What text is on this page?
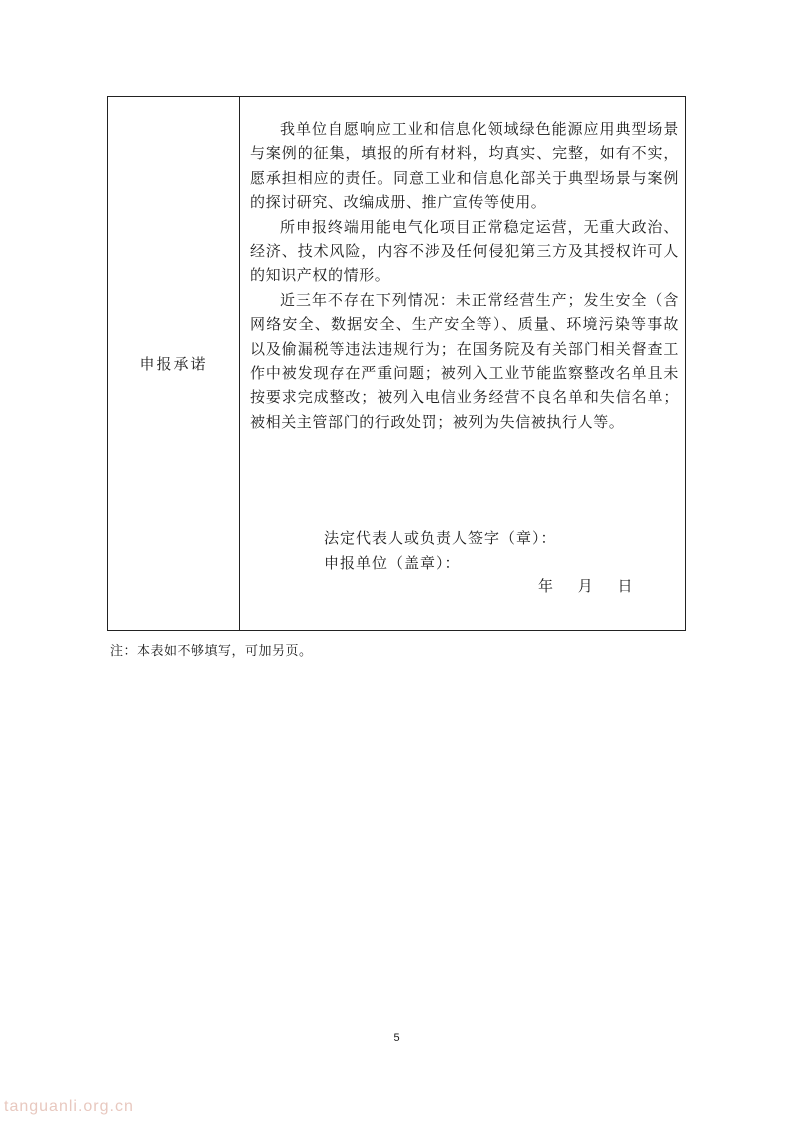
申报承诺

我单位自愿响应工业和信息化领域绿色能源应用典型场景与案例的征集，填报的所有材料，均真实、完整，如有不实，愿承担相应的责任。同意工业和信息化部关于典型场景与案例的探讨研究、改编成册、推广宣传等使用。

所申报终端用能电气化项目正常稳定运营，无重大政治、经济、技术风险，内容不涉及任何侵犯第三方及其授权许可人的知识产权的情形。

近三年不存在下列情况：未正常经营生产；发生安全（含网络安全、数据安全、生产安全等）、质量、环境污染等事故以及偷漏税等违法违规行为；在国务院及有关部门相关督查工作中被发现存在严重问题；被列入工业节能监察整改名单且未按要求完成整改；被列入电信业务经营不良名单和失信名单；被相关主管部门的行政处罚；被列为失信被执行人等。

法定代表人或负责人签字（章）：
申报单位（盖章）：
年 月 日
注：本表如不够填写，可加另页。
5
tanguanli.org.cn
